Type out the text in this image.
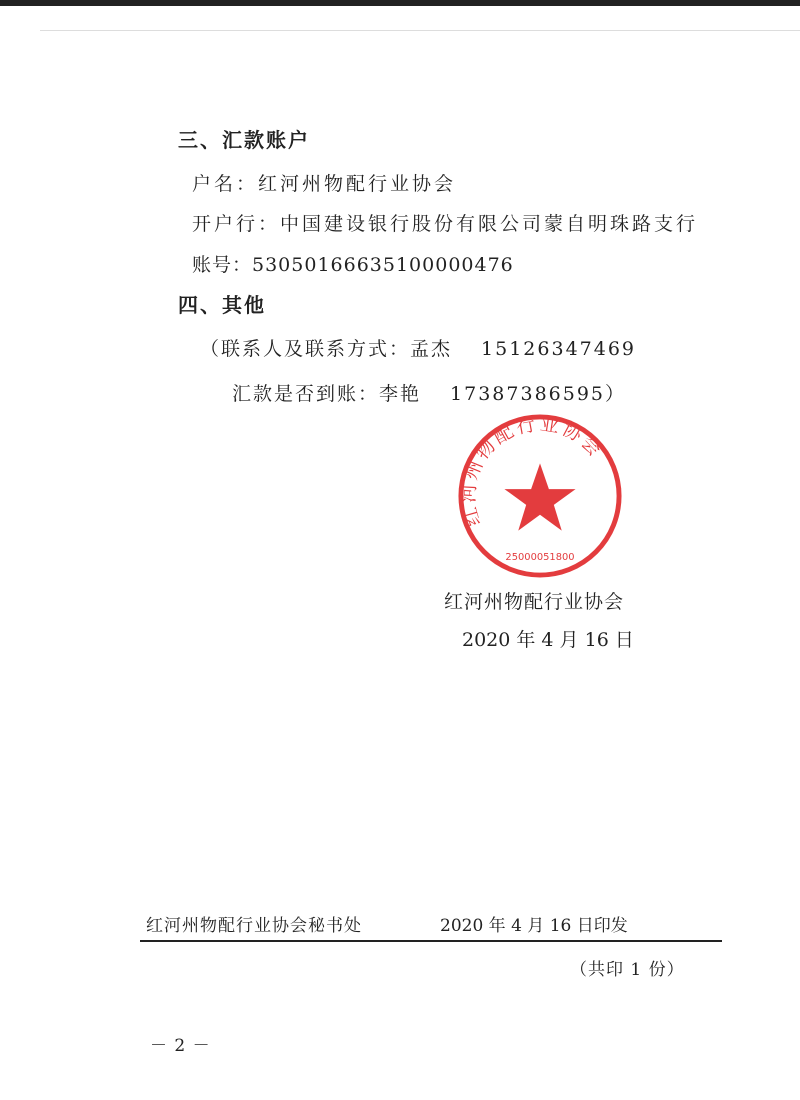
三、汇款账户
户名：红河州物配行业协会
开户行：中国建设银行股份有限公司蒙自明珠路支行
账号：53050166635100000476
四、其他
（联系人及联系方式：孟杰　 15126347469
汇款是否到账：李艳　 17387386595）
红河州物配行业协会
25000051800
红河州物配行业协会
2020 年 4 月 16 日
红河州物配行业协会秘书处	2020 年 4 月 16 日印发
（共印 1 份）
－ 2 －
